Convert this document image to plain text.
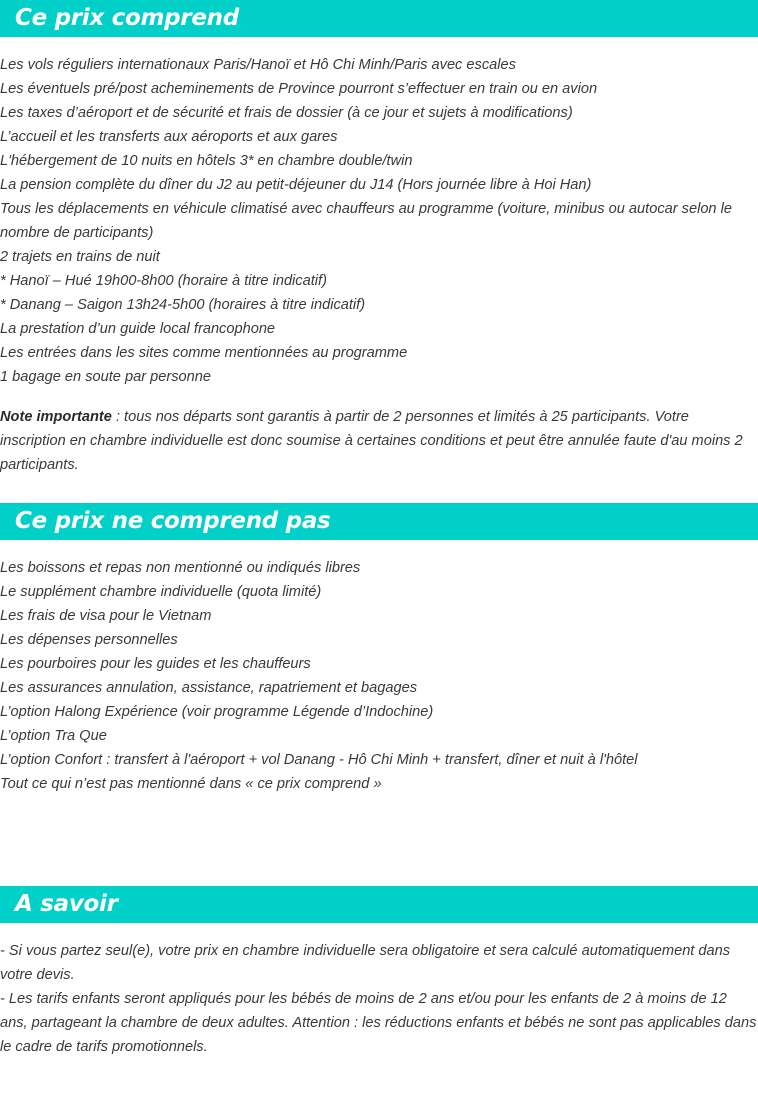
Ce prix comprend
Les vols réguliers internationaux Paris/Hanoï et Hô Chi Minh/Paris avec escales
Les éventuels pré/post acheminements de Province pourront s’effectuer en train ou en avion
Les taxes d’aéroport et de sécurité et frais de dossier (à ce jour et sujets à modifications)
L’accueil et les transferts aux aéroports et aux gares
L'hébergement de 10 nuits en hôtels 3* en chambre double/twin
La pension complète du dîner du J2 au petit-déjeuner du J14 (Hors journée libre à Hoi Han)
Tous les déplacements en véhicule climatisé avec chauffeurs au programme (voiture, minibus ou autocar selon le nombre de participants)
2 trajets en trains de nuit
* Hanoï – Hué 19h00-8h00 (horaire à titre indicatif)
* Danang – Saigon 13h24-5h00 (horaires à titre indicatif)
La prestation d’un guide local francophone
Les entrées dans les sites comme mentionnées au programme
1 bagage en soute par personne

Note importante : tous nos départs sont garantis à partir de 2 personnes et limités à 25 participants. Votre inscription en chambre individuelle est donc soumise à certaines conditions et peut être annulée faute d'au moins 2 participants.

Ce prix ne comprend pas
Les boissons et repas non mentionné ou indiqués libres
Le supplément chambre individuelle (quota limité)
Les frais de visa pour le Vietnam
Les dépenses personnelles
Les pourboires pour les guides et les chauffeurs
Les assurances annulation, assistance, rapatriement et bagages
L’option Halong Expérience (voir programme Légende d’Indochine)
L’option Tra Que
L’option Confort : transfert à l'aéroport + vol Danang - Hô Chi Minh + transfert, dîner et nuit à l'hôtel
Tout ce qui n’est pas mentionné dans « ce prix comprend »
A savoir
- Si vous partez seul(e), votre prix en chambre individuelle sera obligatoire et sera calculé automatiquement dans votre devis.
- Les tarifs enfants seront appliqués pour les bébés de moins de 2 ans et/ou pour les enfants de 2 à moins de 12 ans, partageant la chambre de deux adultes. Attention : les réductions enfants et bébés ne sont pas applicables dans le cadre de tarifs promotionnels.
